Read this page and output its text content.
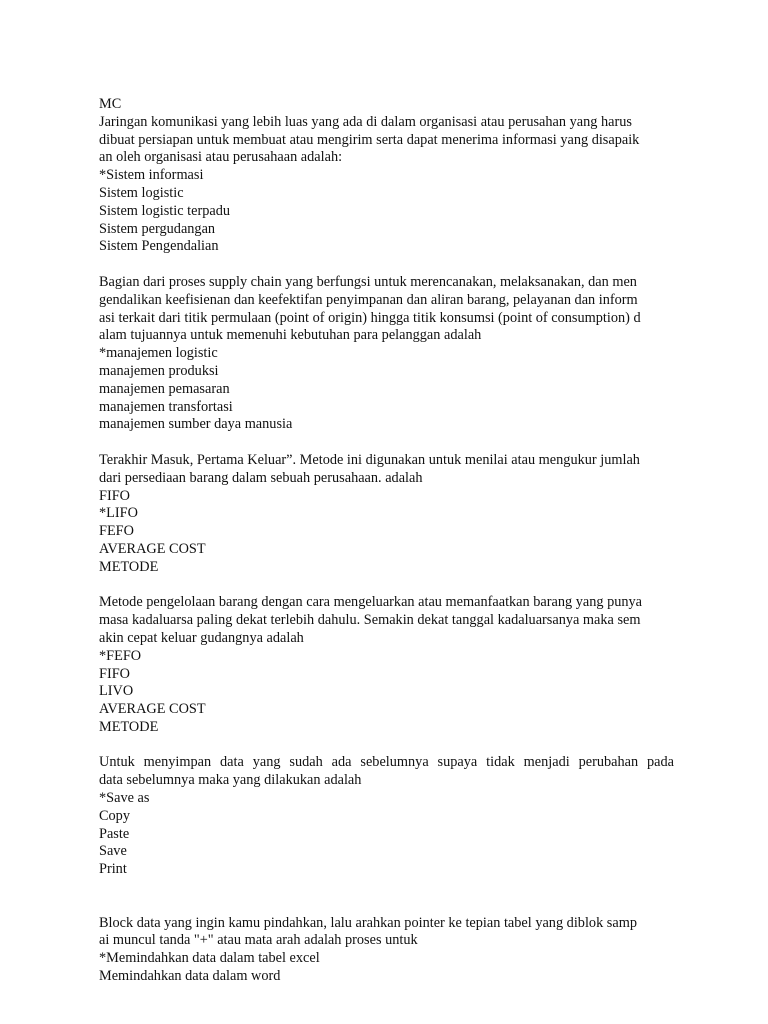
MC
Jaringan komunikasi yang lebih luas yang ada di dalam organisasi atau perusahan yang harus
dibuat persiapan untuk membuat atau mengirim serta dapat menerima informasi yang disapaik
an oleh organisasi atau perusahaan adalah:
*Sistem informasi
Sistem logistic
Sistem logistic terpadu
Sistem pergudangan
Sistem Pengendalian
Bagian dari proses supply chain yang berfungsi untuk merencanakan, melaksanakan, dan men
gendalikan keefisienan dan keefektifan penyimpanan dan aliran barang, pelayanan dan inform
asi terkait dari titik permulaan (point of origin) hingga titik konsumsi (point of consumption) d
alam tujuannya untuk memenuhi kebutuhan para pelanggan adalah
*manajemen logistic
manajemen produksi
manajemen pemasaran
manajemen transfortasi
manajemen sumber daya manusia
Terakhir Masuk, Pertama Keluar”. Metode ini digunakan untuk menilai atau mengukur jumlah
dari persediaan barang dalam sebuah perusahaan. adalah
FIFO
*LIFO
FEFO
AVERAGE COST
METODE
Metode pengelolaan barang dengan cara mengeluarkan atau memanfaatkan barang yang punya
masa kadaluarsa paling dekat terlebih dahulu. Semakin dekat tanggal kadaluarsanya maka sem
akin cepat keluar gudangnya adalah
*FEFO
FIFO
LIVO
AVERAGE COST
METODE
Untuk menyimpan data yang sudah ada sebelumnya supaya tidak menjadi perubahan pada
data sebelumnya maka yang dilakukan adalah
*Save as
Copy
Paste
Save
Print
Block data yang ingin kamu pindahkan, lalu arahkan pointer ke tepian tabel yang diblok samp
ai muncul tanda "+" atau mata arah adalah proses untuk
*Memindahkan data dalam tabel excel
Memindahkan data dalam word
